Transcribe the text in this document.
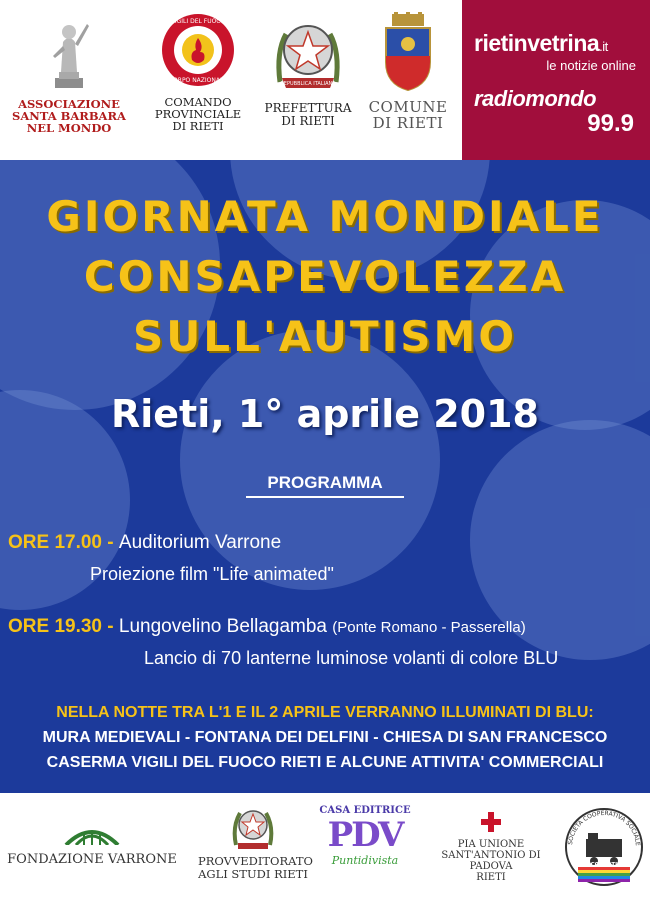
ASSOCIAZIONE
SANTA BARBARA
NEL MONDO
VIGILI DEL FUOCO
CORPO NAZIONALE
COMANDO
PROVINCIALE
DI RIETI
REPUBBLICA ITALIANA
PREFETTURA
DI RIETI
COMUNE
DI RIETI
rietinvetrina.it
le notizie online
radiomondo
99.9
GIORNATA MONDIALE
CONSAPEVOLEZZA
SULL'AUTISMO
Rieti, 1° aprile 2018
PROGRAMMA
ORE 17.00 - Auditorium Varrone
Proiezione film "Life animated"
ORE 19.30 - Lungovelino Bellagamba (Ponte Romano - Passerella)
Lancio di 70 lanterne luminose volanti di colore BLU
NELLA NOTTE TRA L'1 E IL 2 APRILE VERRANNO ILLUMINATI DI BLU:
MURA MEDIEVALI - FONTANA DEI DELFINI - CHIESA DI SAN FRANCESCO
CASERMA VIGILI DEL FUOCO RIETI E ALCUNE ATTIVITA' COMMERCIALI
FONDAZIONE VARRONE PROVVEDITORATO
AGLI STUDI RIETI
CASA EDITRICE
PDV
Puntidivista
PIA UNIONE
SANT'ANTONIO DI PADOVA
RIETI
SOCIETÀ COOPERATIVA SOCIALE
LOCO MOTIVA
